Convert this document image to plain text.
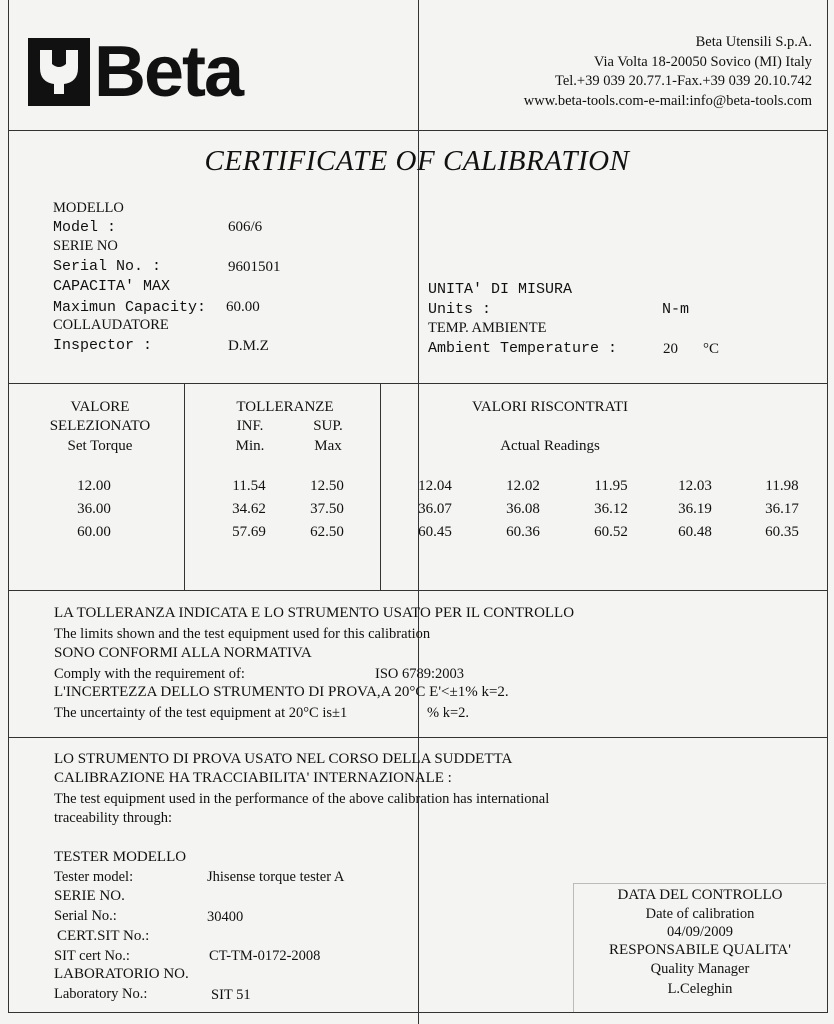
Beta	Beta Utensili S.p.A.
Via Volta 18-20050 Sovico (MI) Italy
Tel.+39 039 20.77.1-Fax.+39 039 20.10.742
www.beta-tools.com-e-mail:info@beta-tools.com
CERTIFICATE OF CALIBRATION
MODELLO
Model :	606/6
SERIE NO
Serial No. :	9601501
CAPACITA' MAX
Maximun Capacity: 60.00
COLLAUDATORE
Inspector :	D.M.Z
UNITA' DI MISURA
Units :	N-m
TEMP. AMBIENTE
Ambient Temperature :	20 °C
VALORE
SELEZIONATO
Set Torque
TOLLERANZE
INF.	SUP.
Min.	Max
VALORI RISCONTRATI
Actual Readings
12.00	11.54	12.50	12.04	12.02	11.95	12.03	11.98
36.00	34.62	37.50	36.07	36.08	36.12	36.19	36.17
60.00	57.69	62.50	60.45	60.36	60.52	60.48	60.35
LA TOLLERANZA INDICATA E LO STRUMENTO USATO PER IL CONTROLLO
The limits shown and the test equipment used for this calibration
SONO CONFORMI ALLA NORMATIVA
Comply with the requirement of:	ISO 6789:2003
L'INCERTEZZA DELLO STRUMENTO DI PROVA,A 20°C E'<±1% k=2.
The uncertainty of the test equipment at 20°C is±1	% k=2.
LO STRUMENTO DI PROVA USATO NEL CORSO DELLA SUDDETTA
CALIBRAZIONE HA TRACCIABILITA' INTERNAZIONALE :
The test equipment used in the performance of the above calibration has international
traceability through:
TESTER MODELLO
Tester model:	Jhisense torque tester A
SERIE NO.
Serial No.:	30400
CERT.SIT No.:
SIT cert No.:	CT-TM-0172-2008
LABORATORIO NO.
Laboratory No.:	SIT 51
DATA DEL CONTROLLO
Date of calibration
04/09/2009
RESPONSABILE QUALITA'
Quality Manager
L.Celeghin
